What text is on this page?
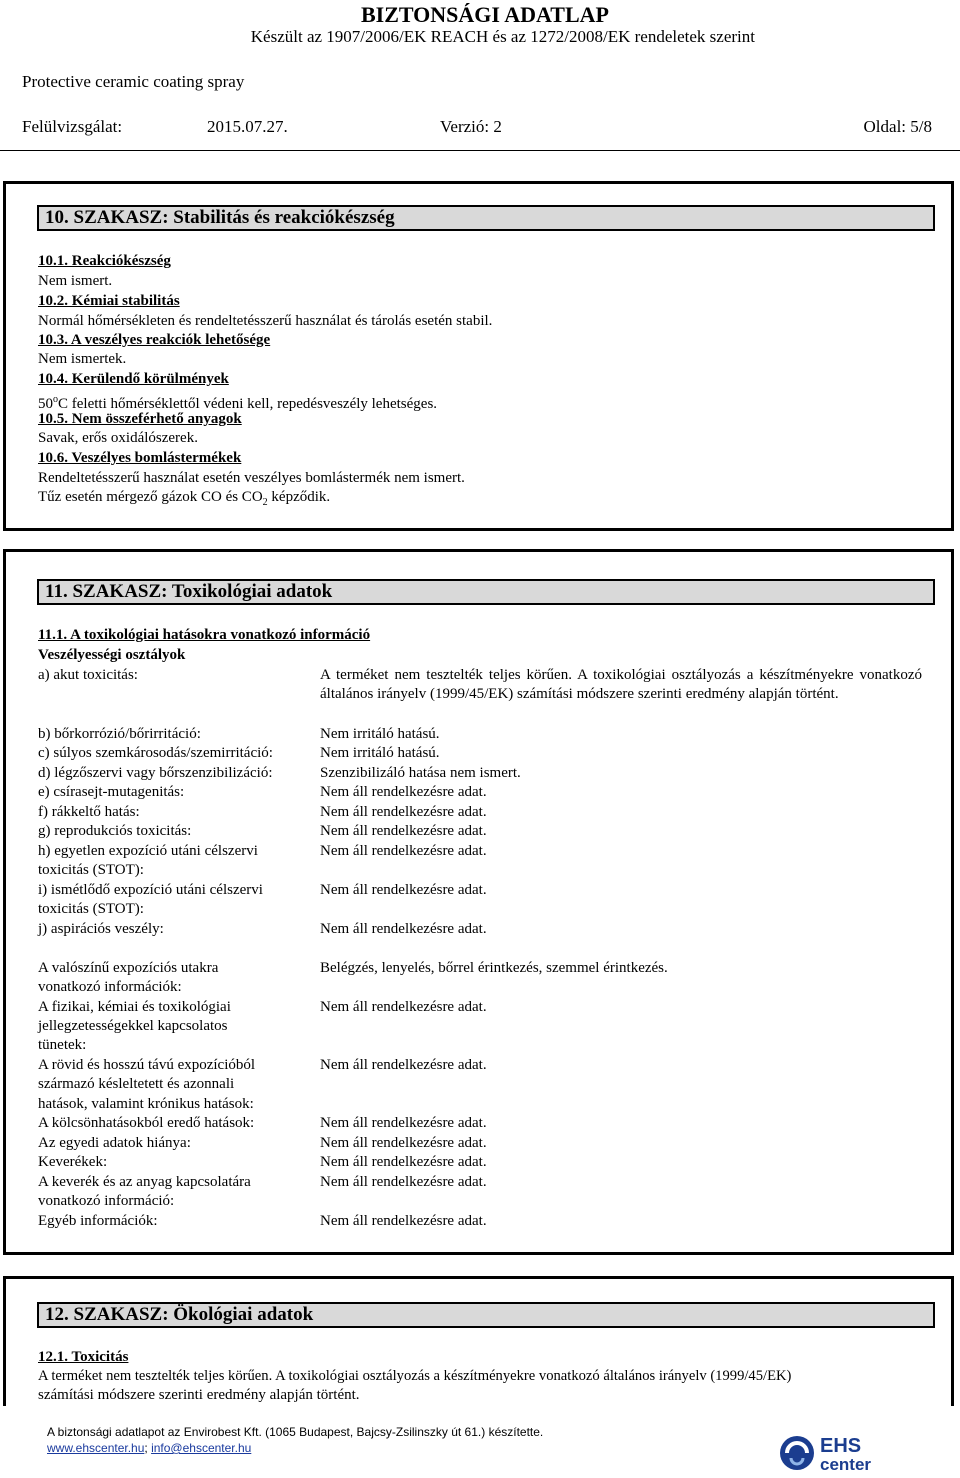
BIZTONSÁGI ADATLAP
Készült az 1907/2006/EK REACH és az 1272/2008/EK rendeletek szerint
Protective ceramic coating spray
Felülvizsgálat:	2015.07.27.	Verzió: 2	Oldal: 5/8
10. SZAKASZ: Stabilitás és reakciókészség
10.1. Reakciókészség
Nem ismert.
10.2. Kémiai stabilitás
Normál hőmérsékleten és rendeltetésszerű használat és tárolás esetén stabil.
10.3. A veszélyes reakciók lehetősége
Nem ismertek.
10.4. Kerülendő körülmények
50$^o$C feletti hőmérséklettől védeni kell, repedésveszély lehetséges.
10.5. Nem összeférhető anyagok
Savak, erős oxidálószerek.
10.6. Veszélyes bomlástermékek
Rendeltetésszerű használat esetén veszélyes bomlástermék nem ismert.
Tűz esetén mérgező gázok CO és $CO_2$ képződik.
11. SZAKASZ: Toxikológiai adatok
11.1. A toxikológiai hatásokra vonatkozó információ
Veszélyességi osztályok
a) akut toxicitás:	A terméket nem tesztelték teljes körűen. A toxikológiai osztályozás a készítményekre vonatkozó általános irányelv (1999/45/EK) számítási módszere szerinti eredmény alapján történt.
b) bőrkorrózió/bőrirritáció:	Nem irritáló hatású.
c) súlyos szemkárosodás/szemirritáció:	Nem irritáló hatású.
d) légzőszervi vagy bőrszenzibilizáció:	Szenzibilizáló hatása nem ismert.
e) csírasejt-mutagenitás:	Nem áll rendelkezésre adat.
f) rákkeltő hatás:	Nem áll rendelkezésre adat.
g) reprodukciós toxicitás:	Nem áll rendelkezésre adat.
h) egyetlen expozíció utáni célszervi
toxicitás (STOT):
Nem áll rendelkezésre adat.
i) ismétlődő expozíció utáni célszervi
toxicitás (STOT):
Nem áll rendelkezésre adat.
j) aspirációs veszély:	Nem áll rendelkezésre adat.
A valószínű expozíciós utakra
vonatkozó információk:
Belégzés, lenyelés, bőrrel érintkezés, szemmel érintkezés.
A fizikai, kémiai és toxikológiai
jellegzetességekkel kapcsolatos
tünetek:
Nem áll rendelkezésre adat.
A rövid és hosszú távú expozícióból
származó késleltetett és azonnali
hatások, valamint krónikus hatások:
Nem áll rendelkezésre adat.
A kölcsönhatásokból eredő hatások:	Nem áll rendelkezésre adat.
Az egyedi adatok hiánya:	Nem áll rendelkezésre adat.
Keverékek:	Nem áll rendelkezésre adat.
A keverék és az anyag kapcsolatára
vonatkozó információ:
Nem áll rendelkezésre adat.
Egyéb információk:	Nem áll rendelkezésre adat.
12. SZAKASZ: Ökológiai adatok
12.1. Toxicitás
A terméket nem tesztelték teljes körűen. A toxikológiai osztályozás a készítményekre vonatkozó általános irányelv (1999/45/EK)
számítási módszere szerinti eredmény alapján történt.
A biztonsági adatlapot az Envirobest Kft. (1065 Budapest, Bajcsy-Zsilinszky út 61.) készítette.
www.ehscenter.hu; info@ehscenter.hu	EHS
center
